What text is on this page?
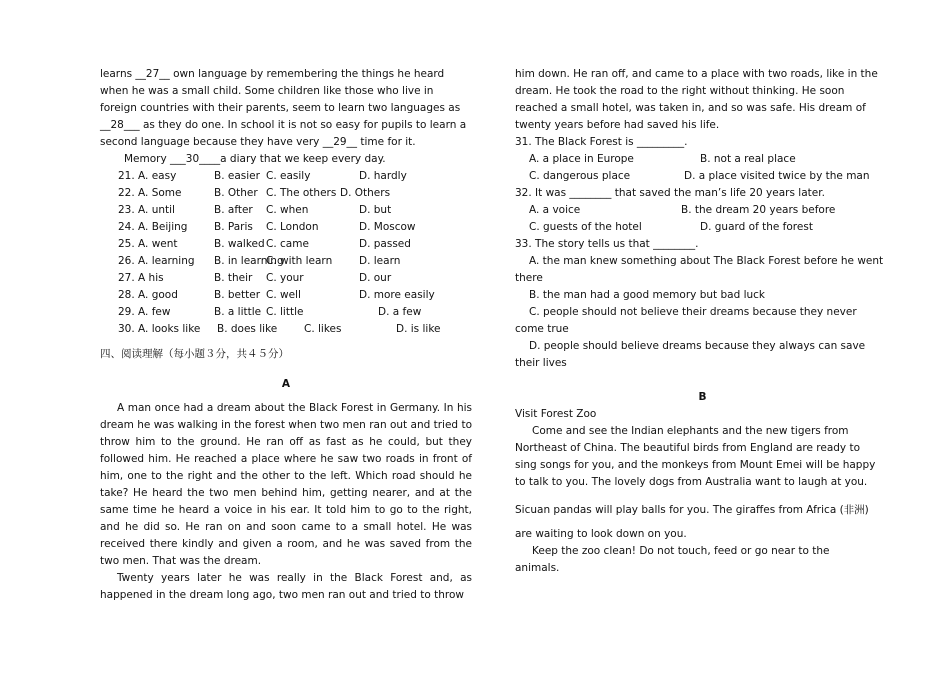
learns __27__ own language by remembering the things he heard

when he was a small child. Some children like those who live in

foreign countries with their parents, seem to learn two languages as

__28___ as they do one. In school it is not so easy for pupils to learn a

second language because they have very __29__ time for it.

Memory ___30____a diary that we keep every day.

21. A. easy	B. easier C. easily	D. hardly
22. A. Some	B. Other C. The others D. Others
23. A. until	B. after C. when	D. but
24. A. Beijing	B. Paris C. London	D. Moscow
25. A. went	B. walked C. came	D. passed
26. A. learning B. in learning
C. with learn	D. learn
27. A his	B. their C. your	D. our
28. A. good	B. better C. well	D. more easily
29. A. few	B. a little C. little	D. a few
30. A. looks like B. does like	C. likes	D. is like
四、阅读理解（每小题３分，共４５分）
A

A man once had a dream about the Black Forest in Germany. In his dream he was walking in the forest when two men ran out and tried to throw him to the ground. He ran off as fast as he could, but they followed him. He reached a place where he saw two roads in front of him, one to the right and the other to the left. Which road should he take? He heard the two men behind him, getting nearer, and at the same time he heard a voice in his ear. It told him to go to the right, and he did so. He ran on and soon came to a small hotel. He was received there kindly and given a room, and he was saved from the two men. That was the dream.

Twenty years later he was really in the Black Forest and, as happened in the dream long ago, two men ran out and tried to throw

him down. He ran off, and came to a place with two roads, like in the

dream. He took the road to the right without thinking. He soon

reached a small hotel, was taken in, and so was safe. His dream of

twenty years before had saved his life.

31. The Black Forest is _________.

A. a place in Europe	B. not a real place
C. dangerous place	D. a place visited twice by the man

32. It was ________ that saved the man’s life 20 years later.

A. a voice	B. the dream 20 years before
C. guests of the hotel	D. guard of the forest

33. The story tells us that ________.

A. the man knew something about The Black Forest before he went

there

B. the man had a good memory but bad luck

C. people should not believe their dreams because they never

come true

D. people should believe dreams because they always can save

their lives

B

Visit Forest Zoo

Come and see the Indian elephants and the new tigers from

Northeast of China. The beautiful birds from England are ready to

sing songs for you, and the monkeys from Mount Emei will be happy

to talk to you. The lovely dogs from Australia want to laugh at you.

Sicuan pandas will play balls for you. The giraffes from Africa (非洲)

are waiting to look down on you.

Keep the zoo clean! Do not touch, feed or go near to the

animals.
